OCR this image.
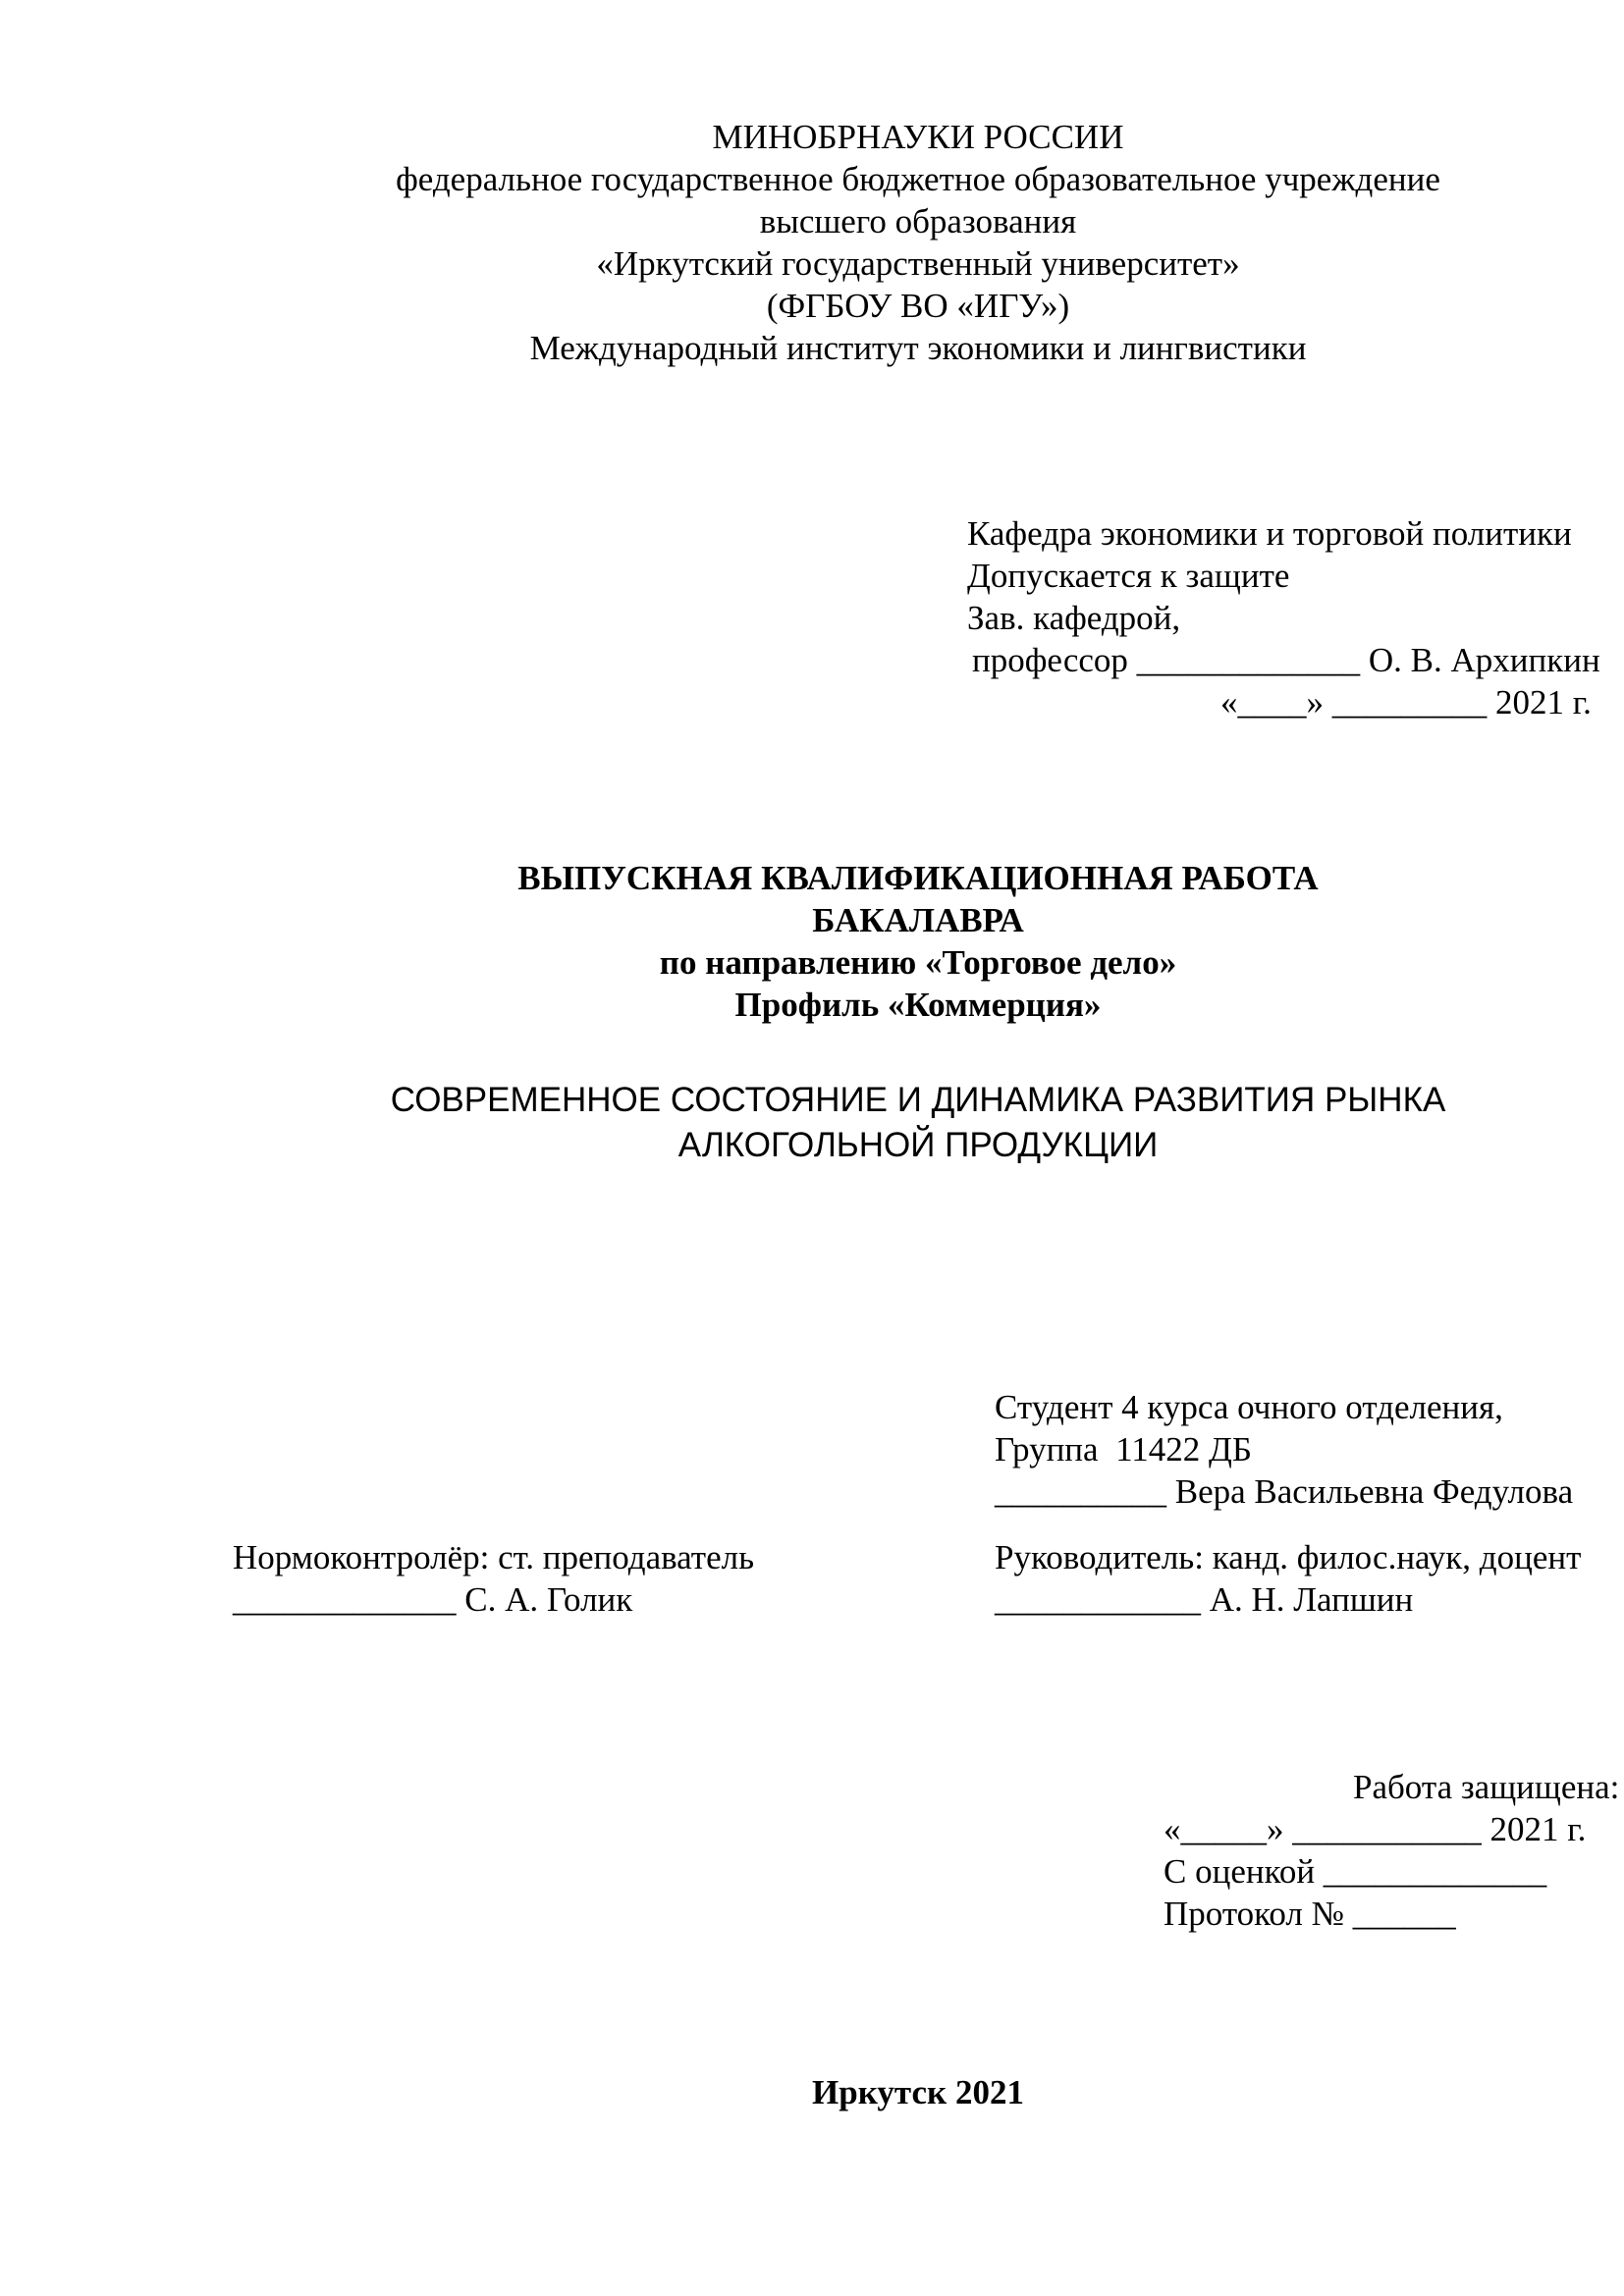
МИНОБРНАУКИ РОССИИ
федеральное государственное бюджетное образовательное учреждение
высшего образования
«Иркутский государственный университет»
(ФГБОУ ВО «ИГУ»)
Международный институт экономики и лингвистики
Кафедра экономики и торговой политики
Допускается к защите
Зав. кафедрой,
профессор _____________ О. В. Архипкин
«____» _________ 2021 г.
ВЫПУСКНАЯ КВАЛИФИКАЦИОННАЯ РАБОТА
БАКАЛАВРА
по направлению «Торговое дело»
Профиль «Коммерция»
СОВРЕМЕННОЕ СОСТОЯНИЕ И ДИНАМИКА РАЗВИТИЯ РЫНКА
АЛКОГОЛЬНОЙ ПРОДУКЦИИ
Студент 4 курса очного отделения,
Группа  11422 ДБ
__________ Вера Васильевна Федулова
Нормоконтролёр: ст. преподаватель
_____________ С. А. Голик
Руководитель: канд. филос.наук, доцент
____________ А. Н. Лапшин
Работа защищена:
«_____» ___________ 2021 г.
С оценкой _____________
Протокол № ______
Иркутск 2021
